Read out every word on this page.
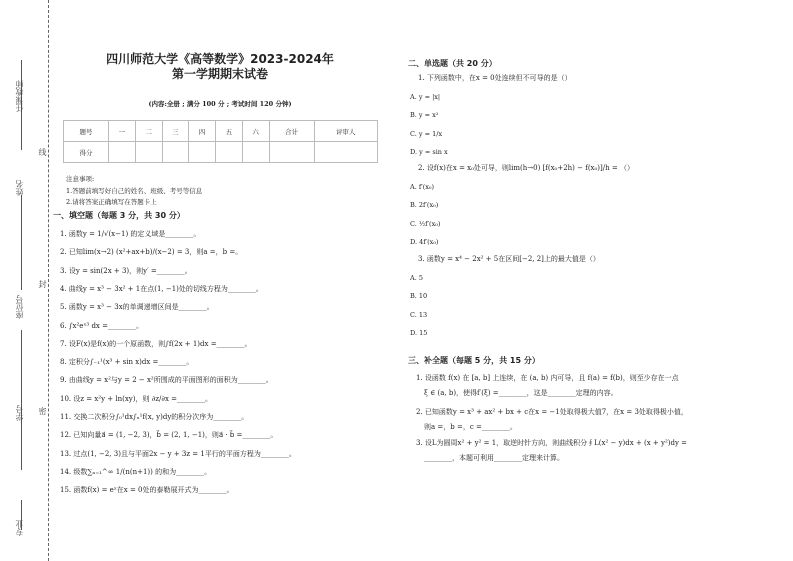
任课教师
姓名
座位号
学号
专业
线
封
密
四川师范大学《高等数学》2023-2024年
第一学期期末试卷
(内容:全册 ; 满分 100 分 ; 考试时间 120 分钟)
题号	一	二	三	四	五	六	合计	评审人
得分								
注意事项:
1.答题前填写好自己的姓名、班级、考号等信息
2.请将答案正确填写在答题卡上
一、填空题（每题 3 分，共 30 分）
1. 函数y = 1/√(x−1) 的定义域是________。
2. 已知lim(x→2) (x²+ax+b)/(x−2) = 3，则a =，b =。
3. 设y = sin(2x + 3)，则y′ =________。
4. 曲线y = x³ − 3x² + 1在点(1, −1)处的切线方程为________。
5. 函数y = x³ − 3x的单调递增区间是________。
6. ∫x²eˣ³ dx =________。
7. 设F(x)是f(x)的一个原函数，则∫f(2x + 1)dx =________。
8. 定积分∫₋₁¹(x³ + sin x)dx =________。
9. 由曲线y = x²与y = 2 − x²所围成的平面图形的面积为________。
10. 设z = x²y + ln(xy)，则 ∂z/∂x =________。
11. 交换二次积分∫₀¹dx∫ₓ¹f(x, y)dy的积分次序为________。
12. 已知向量a⃗ = (1, −2, 3)，b⃗ = (2, 1, −1)，则a⃗ · b⃗ =________。
13. 过点(1, −2, 3)且与平面2x − y + 3z = 1平行的平面方程为________。
14. 级数∑ₙ₌₁^∞ 1/(n(n+1)) 的和为________。
15. 函数f(x) = eˣ在x = 0处的泰勒展开式为________。
二、单选题（共 20 分）
1. 下列函数中，在x = 0处连续但不可导的是（）
A. y = |x|
B. y = x²
C. y = 1/x
D. y = sin x
2. 设f(x)在x = x₀处可导，则lim(h→0) [f(x₀+2h) − f(x₀)]/h = （）
A. f′(x₀)
B. 2f′(x₀)
C. ½f′(x₀)
D. 4f′(x₀)
3. 函数y = x⁴ − 2x² + 5在区间[−2, 2]上的最大值是（）
A. 5
B. 10
C. 13
D. 15
三、补全题（每题 5 分，共 15 分）
1. 设函数 f(x) 在 [a, b] 上连续，在 (a, b) 内可导，且 f(a) = f(b)，则至少存在一点
ξ ∈ (a, b)，使得f′(ξ) =________，这是________定理的内容。
2. 已知函数y = x³ + ax² + bx + c在x = −1处取得极大值7，在x = 3处取得极小值，
则a =，b =，c =________。
3. 设L为圆周x² + y² = 1，取逆时针方向，则曲线积分∮L(x² − y)dx + (x + y²)dy =
________，本题可利用________定理来计算。
